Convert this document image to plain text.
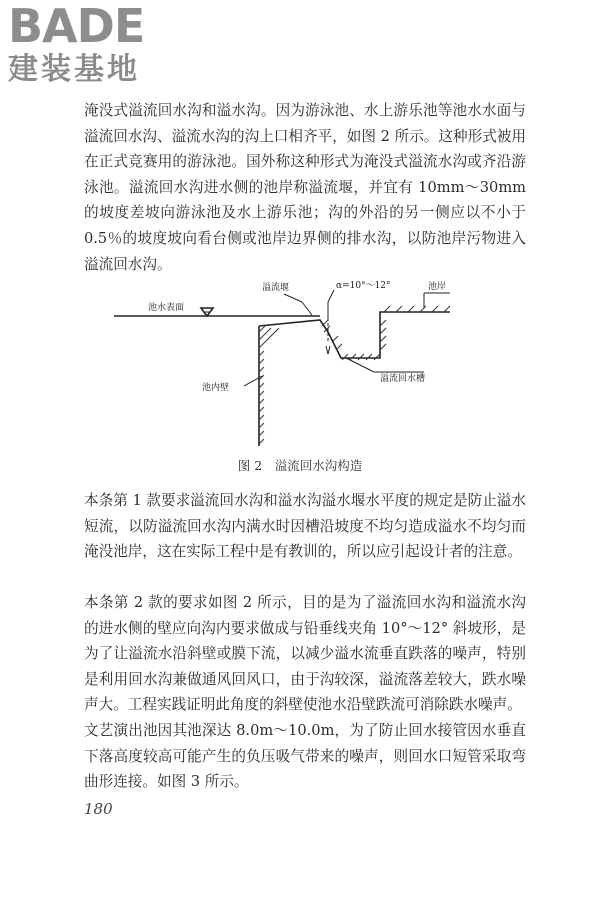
BADE
建装基地

淹没式溢流回水沟和溢水沟。因为游泳池、水上游乐池等池水水面与溢流回水沟、溢流水沟的沟上口相齐平，如图 2 所示。这种形式被用在正式竞赛用的游泳池。国外称这种形式为淹没式溢流水沟或齐沿游泳池。溢流回水沟进水侧的池岸称溢流堰，并宜有 10mm～30mm 的坡度差坡向游泳池及水上游乐池；沟的外沿的另一侧应以不小于 0.5％的坡度坡向看台侧或池岸边界侧的排水沟，以防池岸污物进入溢流回水沟。

溢流堰	α=10°～12°	池岸
池水表面
溢流回水槽
池内壁
图 2　溢流回水沟构造

本条第 1 款要求溢流回水沟和溢水沟溢水堰水平度的规定是防止溢水短流，以防溢流回水沟内满水时因槽沿坡度不均匀造成溢水不均匀而淹没池岸，这在实际工程中是有教训的，所以应引起设计者的注意。

本条第 2 款的要求如图 2 所示，目的是为了溢流回水沟和溢流水沟的进水侧的壁应向沟内要求做成与铅垂线夹角 10°～12° 斜坡形，是为了让溢流水沿斜壁或膜下流，以减少溢水流垂直跌落的噪声，特别是利用回水沟兼做通风回风口，由于沟较深，溢流落差较大，跌水噪声大。工程实践证明此角度的斜壁使池水沿壁跌流可消除跌水噪声。

文艺演出池因其池深达 8.0m～10.0m，为了防止回水接管因水垂直下落高度较高可能产生的负压吸气带来的噪声，则回水口短管采取弯曲形连接。如图 3 所示。

180
